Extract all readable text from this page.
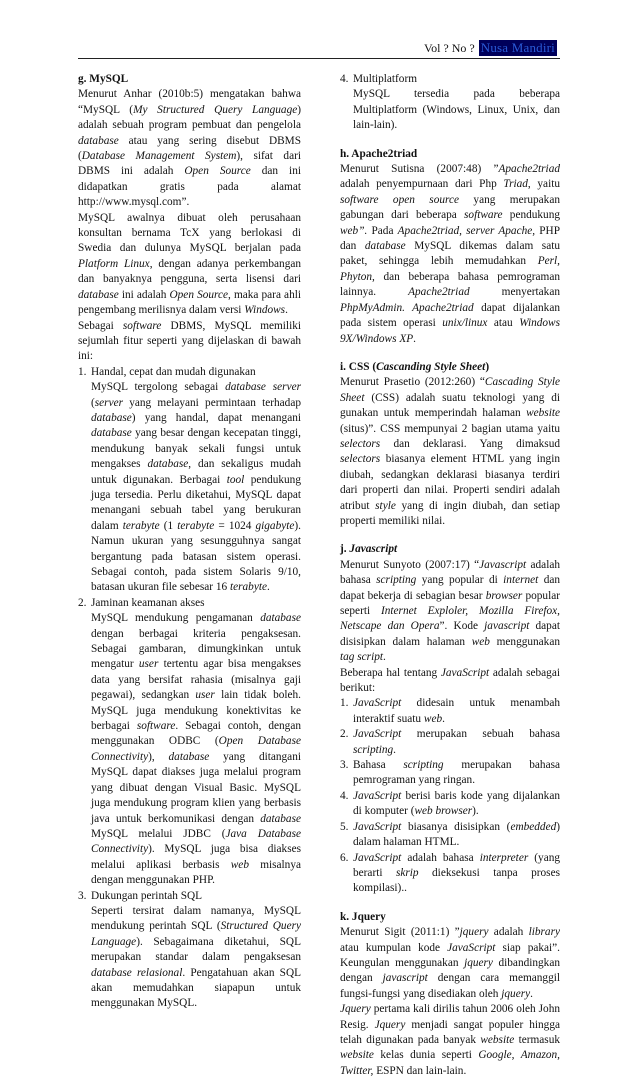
Vol ? No ? Nusa Mandiri

g. MySQL

Menurut Anhar (2010b:5) mengatakan bahwa “MySQL (My Structured Query Language) adalah sebuah program pembuat dan pengelola database atau yang sering disebut DBMS (Database Management System), sifat dari DBMS ini adalah Open Source dan ini didapatkan gratis pada alamat http://www.mysql.com”.

MySQL awalnya dibuat oleh perusahaan konsultan bernama TcX yang berlokasi di Swedia dan dulunya MySQL berjalan pada Platform Linux, dengan adanya perkembangan dan banyaknya pengguna, serta lisensi dari database ini adalah Open Source, maka para ahli pengembang merilisnya dalam versi Windows.

Sebagai software DBMS, MySQL memiliki sejumlah fitur seperti yang dijelaskan di bawah ini:

1. Handal, cepat dan mudah digunakan
MySQL tergolong sebagai database server (server yang melayani permintaan terhadap database) yang handal, dapat menangani database yang besar dengan kecepatan tinggi, mendukung banyak sekali fungsi untuk mengakses database, dan sekaligus mudah untuk digunakan. Berbagai tool pendukung juga tersedia. Perlu diketahui, MySQL dapat menangani sebuah tabel yang berukuran dalam terabyte (1 terabyte = 1024 gigabyte). Namun ukuran yang sesungguhnya sangat bergantung pada batasan sistem operasi. Sebagai contoh, pada sistem Solaris 9/10, batasan ukuran file sebesar 16 terabyte.
2. Jaminan keamanan akses
MySQL mendukung pengamanan database dengan berbagai kriteria pengaksesan. Sebagai gambaran, dimungkinkan untuk mengatur user tertentu agar bisa mengakses data yang bersifat rahasia (misalnya gaji pegawai), sedangkan user lain tidak boleh. MySQL juga mendukung konektivitas ke berbagai software. Sebagai contoh, dengan menggunakan ODBC (Open Database Connectivity), database yang ditangani MySQL dapat diakses juga melalui program yang dibuat dengan Visual Basic. MySQL juga mendukung program klien yang berbasis java untuk berkomunikasi dengan database MySQL melalui JDBC (Java Database Connectivity). MySQL juga bisa diakses melalui aplikasi berbasis web misalnya dengan menggunakan PHP.
3. Dukungan perintah SQL
Seperti tersirat dalam namanya, MySQL mendukung perintah SQL (Structured Query Language). Sebagaimana diketahui, SQL merupakan standar dalam pengaksesan database relasional. Pengatahuan akan SQL akan memudahkan siapapun untuk menggunakan MySQL.
4. Multiplatform
MySQL tersedia pada beberapa Multiplatform (Windows, Linux, Unix, dan lain-lain).

h. Apache2triad

Menurut Sutisna (2007:48) ”Apache2triad adalah penyempurnaan dari Php Triad, yaitu software open source yang merupakan gabungan dari beberapa software pendukung web”. Pada Apache2triad, server Apache, PHP dan database MySQL dikemas dalam satu paket, sehingga lebih memudahkan Perl, Phyton, dan beberapa bahasa pemrograman lainnya. Apache2triad menyertakan PhpMyAdmin. Apache2triad dapat dijalankan pada sistem operasi unix/linux atau Windows 9X/Windows XP.

i. CSS (Cascanding Style Sheet)

Menurut Prasetio (2012:260) “Cascading Style Sheet (CSS) adalah suatu teknologi yang di gunakan untuk memperindah halaman website (situs)”. CSS mempunyai 2 bagian utama yaitu selectors dan deklarasi. Yang dimaksud selectors biasanya element HTML yang ingin diubah, sedangkan deklarasi biasanya terdiri dari properti dan nilai. Properti sendiri adalah atribut style yang di ingin diubah, dan setiap properti memiliki nilai.

j. Javascript

Menurut Sunyoto (2007:17) “Javascript adalah bahasa scripting yang popular di internet dan dapat bekerja di sebagian besar browser popular seperti Internet Exploler, Mozilla Firefox, Netscape dan Opera”. Kode javascript dapat disisipkan dalam halaman web menggunakan tag script.

Beberapa hal tentang JavaScript adalah sebagai berikut:

1. JavaScript didesain untuk menambah interaktif suatu web.
2. JavaScript merupakan sebuah bahasa scripting.
3. Bahasa scripting merupakan bahasa pemrograman yang ringan.
4. JavaScript berisi baris kode yang dijalankan di komputer (web browser).
5. JavaScript biasanya disisipkan (embedded) dalam halaman HTML.
6. JavaScript adalah bahasa interpreter (yang berarti skrip dieksekusi tanpa proses kompilasi)..

k. Jquery

Menurut Sigit (2011:1) ”jquery adalah library atau kumpulan kode JavaScript siap pakai”. Keungulan menggunakan jquery dibandingkan dengan javascript dengan cara memanggil fungsi-fungsi yang disediakan oleh jquery.

Jquery pertama kali dirilis tahun 2006 oleh John Resig. Jquery menjadi sangat populer hingga telah digunakan pada banyak website termasuk website kelas dunia seperti Google, Amazon, Twitter, ESPN dan lain-lain.
